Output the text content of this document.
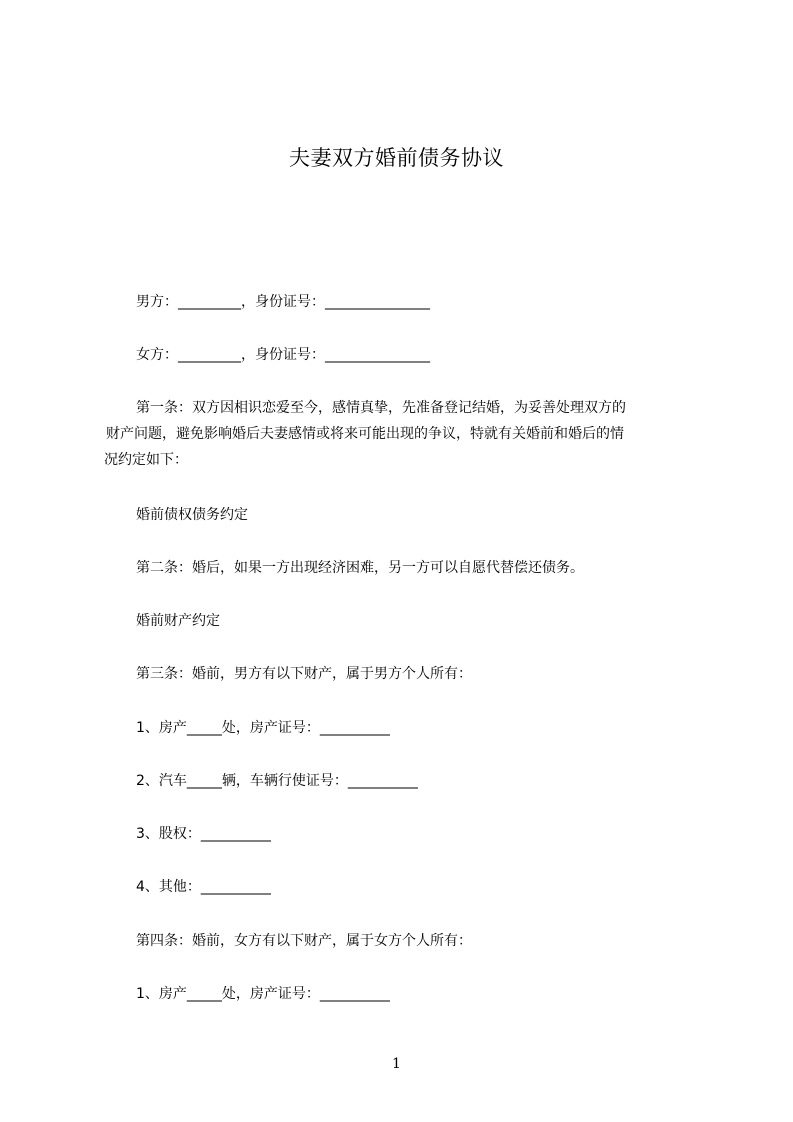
夫妻双方婚前债务协议
男方：_________，身份证号：_______________
女方：_________，身份证号：_______________

第一条：双方因相识恋爱至今，感情真挚，先准备登记结婚，为妥善处理双方的

财产问题，避免影响婚后夫妻感情或将来可能出现的争议，特就有关婚前和婚后的情

况约定如下：

婚前债权债务约定
第二条：婚后，如果一方出现经济困难，另一方可以自愿代替偿还债务。
婚前财产约定
第三条：婚前，男方有以下财产，属于男方个人所有：
1、房产_____处，房产证号：__________
2、汽车_____辆，车辆行使证号：__________
3、股权：__________
4、其他：__________
第四条：婚前，女方有以下财产，属于女方个人所有：
1、房产_____处，房产证号：__________
1
